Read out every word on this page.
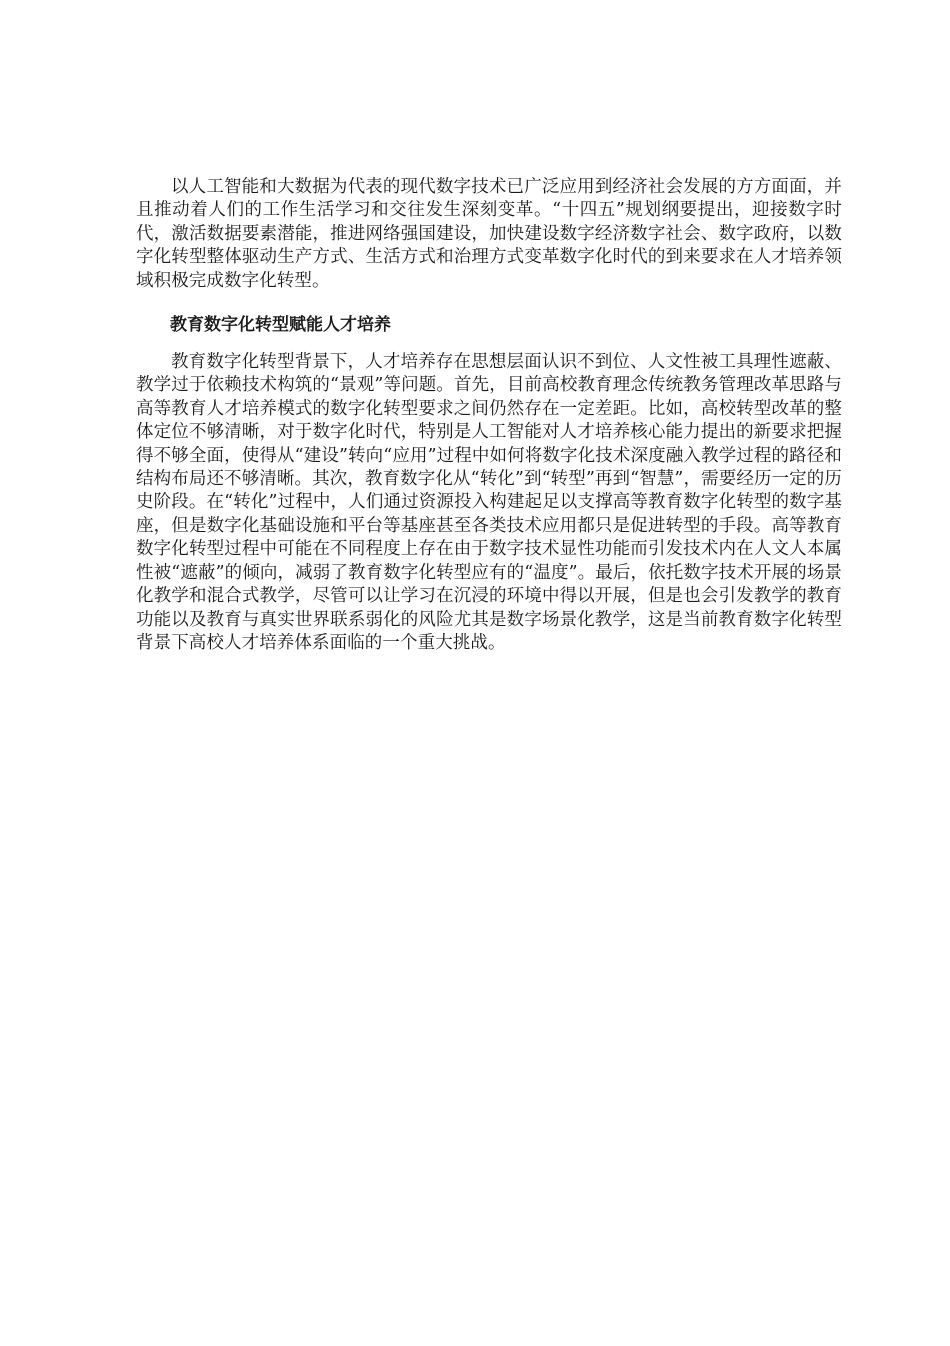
以人工智能和大数据为代表的现代数字技术已广泛应用到经济社会发展的方方面面，并且推动着人们的工作生活学习和交往发生深刻变革。“十四五”规划纲要提出，迎接数字时代，激活数据要素潜能，推进网络强国建设，加快建设数字经济数字社会、数字政府，以数字化转型整体驱动生产方式、生活方式和治理方式变革数字化时代的到来要求在人才培养领域积极完成数字化转型。

教育数字化转型赋能人才培养

教育数字化转型背景下，人才培养存在思想层面认识不到位、人文性被工具理性遮蔽、教学过于依赖技术构筑的“景观”等问题。首先，目前高校教育理念传统教务管理改革思路与高等教育人才培养模式的数字化转型要求之间仍然存在一定差距。比如，高校转型改革的整体定位不够清晰，对于数字化时代，特别是人工智能对人才培养核心能力提出的新要求把握得不够全面，使得从“建设”转向“应用”过程中如何将数字化技术深度融入教学过程的路径和结构布局还不够清晰。其次，教育数字化从“转化”到“转型”再到“智慧”，需要经历一定的历史阶段。在“转化”过程中，人们通过资源投入构建起足以支撑高等教育数字化转型的数字基座，但是数字化基础设施和平台等基座甚至各类技术应用都只是促进转型的手段。高等教育数字化转型过程中可能在不同程度上存在由于数字技术显性功能而引发技术内在人文人本属性被“遮蔽”的倾向，减弱了教育数字化转型应有的“温度”。最后，依托数字技术开展的场景化教学和混合式教学，尽管可以让学习在沉浸的环境中得以开展，但是也会引发教学的教育功能以及教育与真实世界联系弱化的风险尤其是数字场景化教学，这是当前教育数字化转型背景下高校人才培养体系面临的一个重大挑战。
